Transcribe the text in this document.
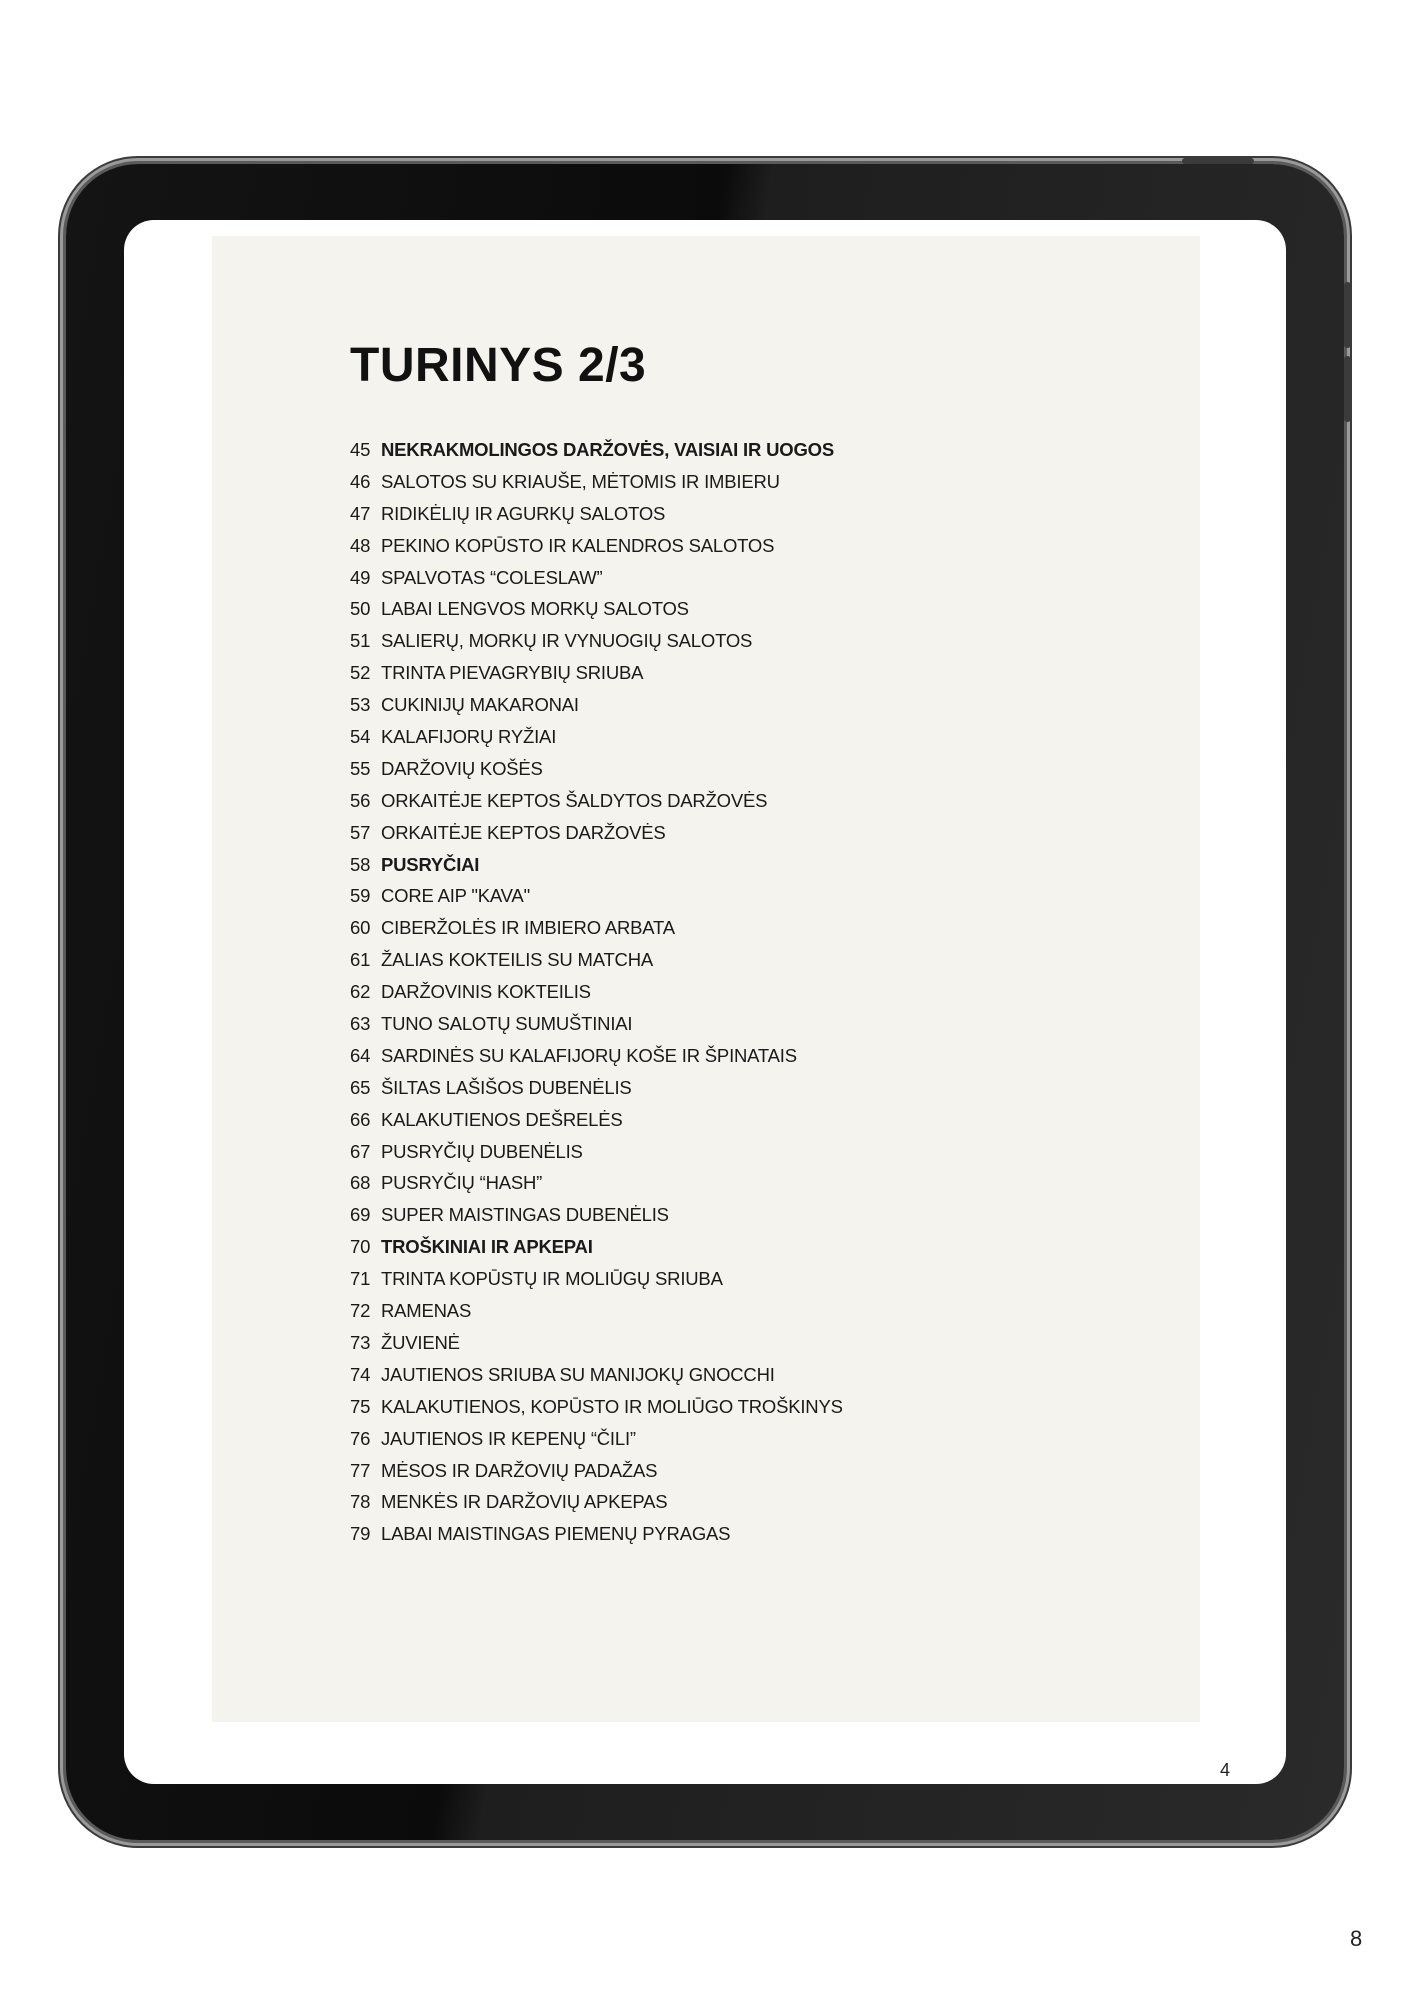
TURINYS 2/3
45 NEKRAKMOLINGOS DARŽOVĖS, VAISIAI IR UOGOS
46 SALOTOS SU KRIAUŠE, MĖTOMIS IR IMBIERU
47 RIDIKĖLIŲ IR AGURKŲ SALOTOS
48 PEKINO KOPŪSTO IR KALENDROS SALOTOS
49 SPALVOTAS “COLESLAW”
50 LABAI LENGVOS MORKŲ SALOTOS
51 SALIERŲ, MORKŲ IR VYNUOGIŲ SALOTOS
52 TRINTA PIEVAGRYBIŲ SRIUBA
53 CUKINIJŲ MAKARONAI
54 KALAFIJORŲ RYŽIAI
55 DARŽOVIŲ KOŠĖS
56 ORKAITĖJE KEPTOS ŠALDYTOS DARŽOVĖS
57 ORKAITĖJE KEPTOS DARŽOVĖS
58 PUSRYČIAI
59 CORE AIP "KAVA"
60 CIBERŽOLĖS IR IMBIERO ARBATA
61 ŽALIAS KOKTEILIS SU MATCHA
62 DARŽOVINIS KOKTEILIS
63 TUNO SALOTŲ SUMUŠTINIAI
64 SARDINĖS SU KALAFIJORŲ KOŠE IR ŠPINATAIS
65 ŠILTAS LAŠIŠOS DUBENĖLIS
66 KALAKUTIENOS DEŠRELĖS
67 PUSRYČIŲ DUBENĖLIS
68 PUSRYČIŲ “HASH”
69 SUPER MAISTINGAS DUBENĖLIS
70 TROŠKINIAI IR APKEPAI
71 TRINTA KOPŪSTŲ IR MOLIŪGŲ SRIUBA
72 RAMENAS
73 ŽUVIENĖ
74 JAUTIENOS SRIUBA SU MANIJOKŲ GNOCCHI
75 KALAKUTIENOS, KOPŪSTO IR MOLIŪGO TROŠKINYS
76 JAUTIENOS IR KEPENŲ “ČILI”
77 MĖSOS IR DARŽOVIŲ PADAŽAS
78 MENKĖS IR DARŽOVIŲ APKEPAS
79 LABAI MAISTINGAS PIEMENŲ PYRAGAS
4
8
